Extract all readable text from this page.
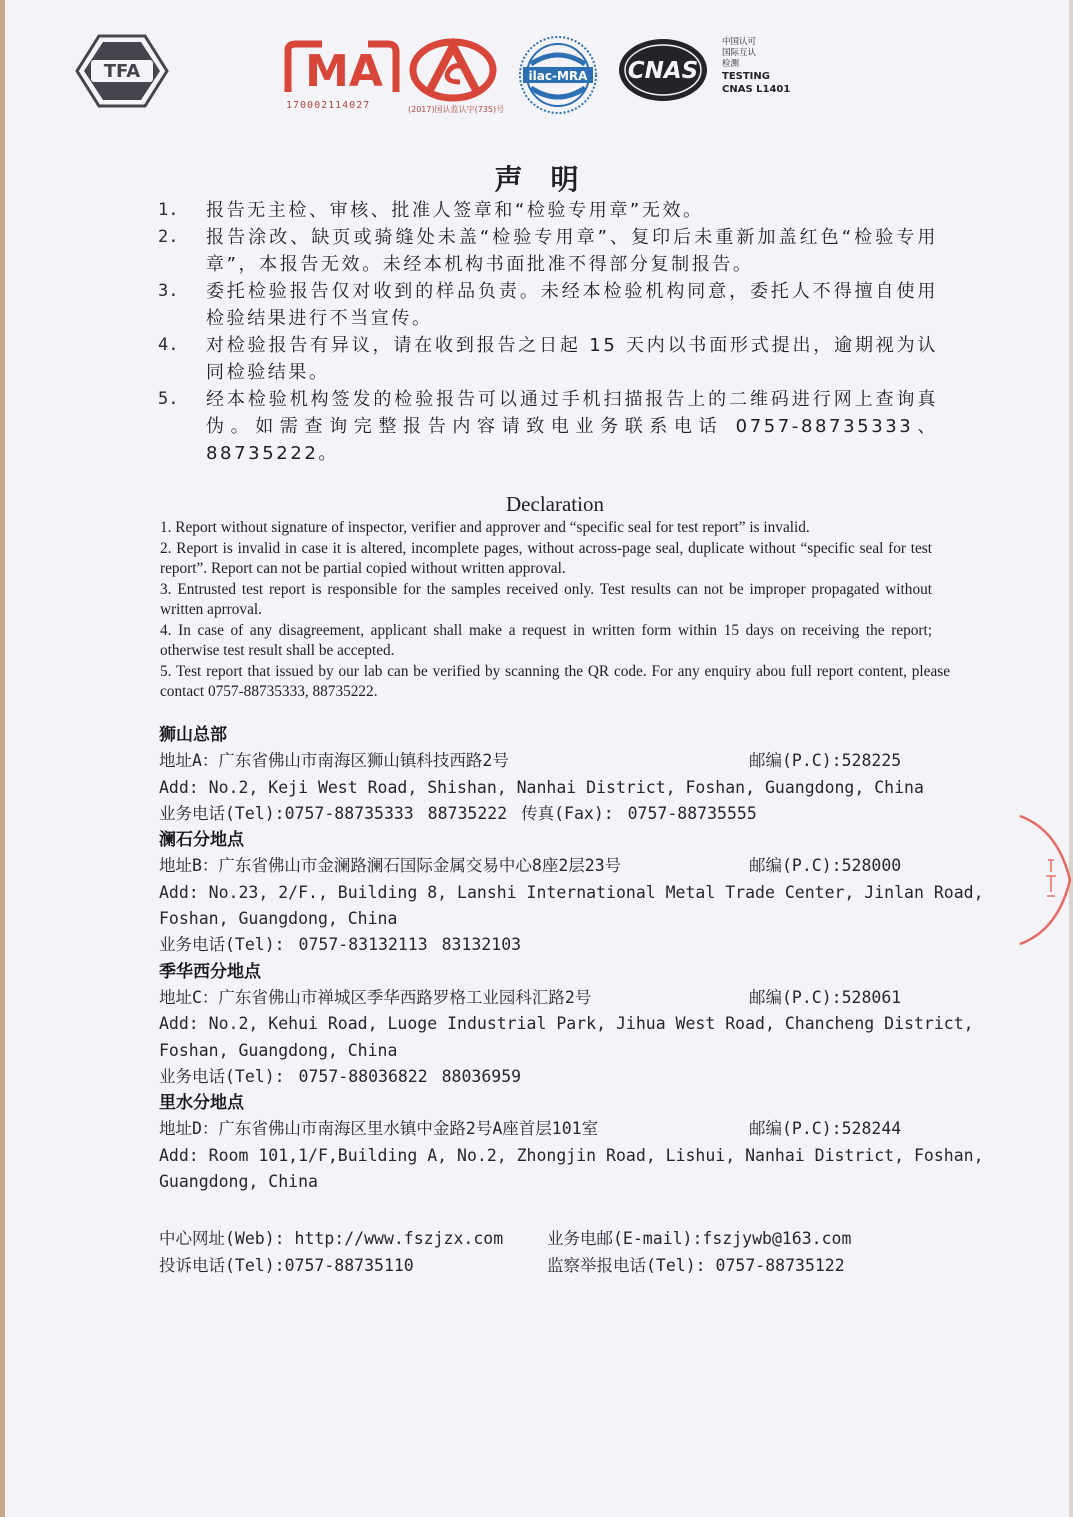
TFA	MA
170002114027	(2017)国认监认字(735)号
ilac-MRA CNAS
中国认可
国际互认
检测
TESTING
CNAS L1401
声明
1.	报告无主检、审核、批准人签章和“检验专用章”无效。
2.	报告涂改、缺页或骑缝处未盖“检验专用章”、复印后未重新加盖红色“检验专用章”，本报告无效。未经本机构书面批准不得部分复制报告。
3.	委托检验报告仅对收到的样品负责。未经本检验机构同意，委托人不得擅自使用检验结果进行不当宣传。
4.	对检验报告有异议，请在收到报告之日起 15 天内以书面形式提出，逾期视为认同检验结果。
5.	经本检验机构签发的检验报告可以通过手机扫描报告上的二维码进行网上查询真伪。如需查询完整报告内容请致电业务联系电话 0757-88735333、88735222。
Declaration

1. Report without signature of inspector, verifier and approver and “specific seal for test report” is invalid.

2. Report is invalid in case it is altered, incomplete pages, without across-page seal, duplicate without “specific seal for test report”. Report can not be partial copied without written approval.

3. Entrusted test report is responsible for the samples received only. Test results can not be improper propagated without written aprroval.

4. In case of any disagreement, applicant shall make a request in written form within 15 days on receiving the report; otherwise test result shall be accepted.

5. Test report that issued by our lab can be verified by scanning the QR code. For any enquiry abou full report content, please contact 0757-88735333, 88735222.

狮山总部
地址A：广东省佛山市南海区狮山镇科技西路2号	邮编(P.C):528225
Add: No.2, Keji West Road, Shishan, Nanhai District, Foshan, Guangdong, China
业务电话(Tel):0757-88735333 88735222 传真(Fax): 0757-88735555
澜石分地点
地址B：广东省佛山市金澜路澜石国际金属交易中心8座2层23号	邮编(P.C):528000
Add: No.23, 2/F., Building 8, Lanshi International Metal Trade Center, Jinlan Road,
Foshan, Guangdong, China
业务电话(Tel): 0757-83132113 83132103
季华西分地点
地址C：广东省佛山市禅城区季华西路罗格工业园科汇路2号	邮编(P.C):528061
Add: No.2, Kehui Road, Luoge Industrial Park, Jihua West Road, Chancheng District,
Foshan, Guangdong, China
业务电话(Tel): 0757-88036822 88036959
里水分地点
地址D：广东省佛山市南海区里水镇中金路2号A座首层101室	邮编(P.C):528244
Add: Room 101,1/F,Building A, No.2, Zhongjin Road, Lishui, Nanhai District, Foshan,
Guangdong, China
中心网址(Web): http://www.fszjzx.com	业务电邮(E-mail):fszjywb@163.com
投诉电话(Tel):0757-88735110	监察举报电话(Tel): 0757-88735122
